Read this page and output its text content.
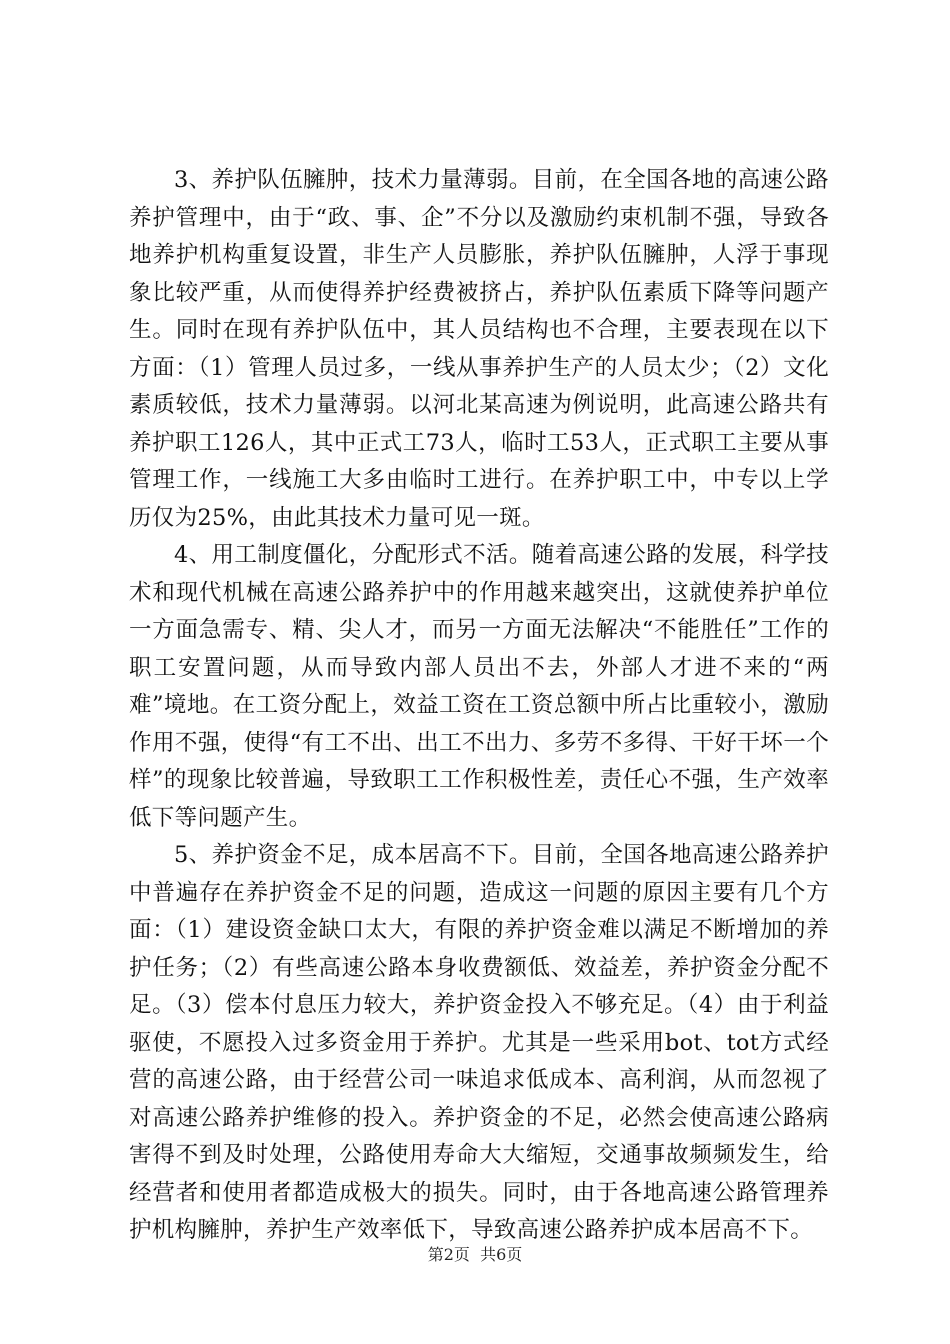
3、养护队伍臃肿，技术力量薄弱。目前，在全国各地的高速公路养护管理中，由于“政、事、企”不分以及激励约束机制不强，导致各地养护机构重复设置，非生产人员膨胀，养护队伍臃肿，人浮于事现象比较严重，从而使得养护经费被挤占，养护队伍素质下降等问题产生。同时在现有养护队伍中，其人员结构也不合理，主要表现在以下方面：（1）管理人员过多，一线从事养护生产的人员太少；（2）文化素质较低，技术力量薄弱。以河北某高速为例说明，此高速公路共有养护职工126人，其中正式工73人，临时工53人，正式职工主要从事管理工作，一线施工大多由临时工进行。在养护职工中，中专以上学历仅为25%，由此其技术力量可见一斑。

4、用工制度僵化，分配形式不活。随着高速公路的发展，科学技术和现代机械在高速公路养护中的作用越来越突出，这就使养护单位一方面急需专、精、尖人才，而另一方面无法解决“不能胜任”工作的职工安置问题，从而导致内部人员出不去，外部人才进不来的“两难”境地。在工资分配上，效益工资在工资总额中所占比重较小，激励作用不强，使得“有工不出、出工不出力、多劳不多得、干好干坏一个样”的现象比较普遍，导致职工工作积极性差，责任心不强，生产效率低下等问题产生。

5、养护资金不足，成本居高不下。目前，全国各地高速公路养护中普遍存在养护资金不足的问题，造成这一问题的原因主要有几个方面：（1）建设资金缺口太大，有限的养护资金难以满足不断增加的养护任务；（2）有些高速公路本身收费额低、效益差，养护资金分配不足。（3）偿本付息压力较大，养护资金投入不够充足。（4）由于利益驱使，不愿投入过多资金用于养护。尤其是一些采用bot、tot方式经营的高速公路，由于经营公司一味追求低成本、高利润，从而忽视了对高速公路养护维修的投入。养护资金的不足，必然会使高速公路病害得不到及时处理，公路使用寿命大大缩短，交通事故频频发生，给经营者和使用者都造成极大的损失。同时，由于各地高速公路管理养护机构臃肿，养护生产效率低下，导致高速公路养护成本居高不下。

第2页 共6页
